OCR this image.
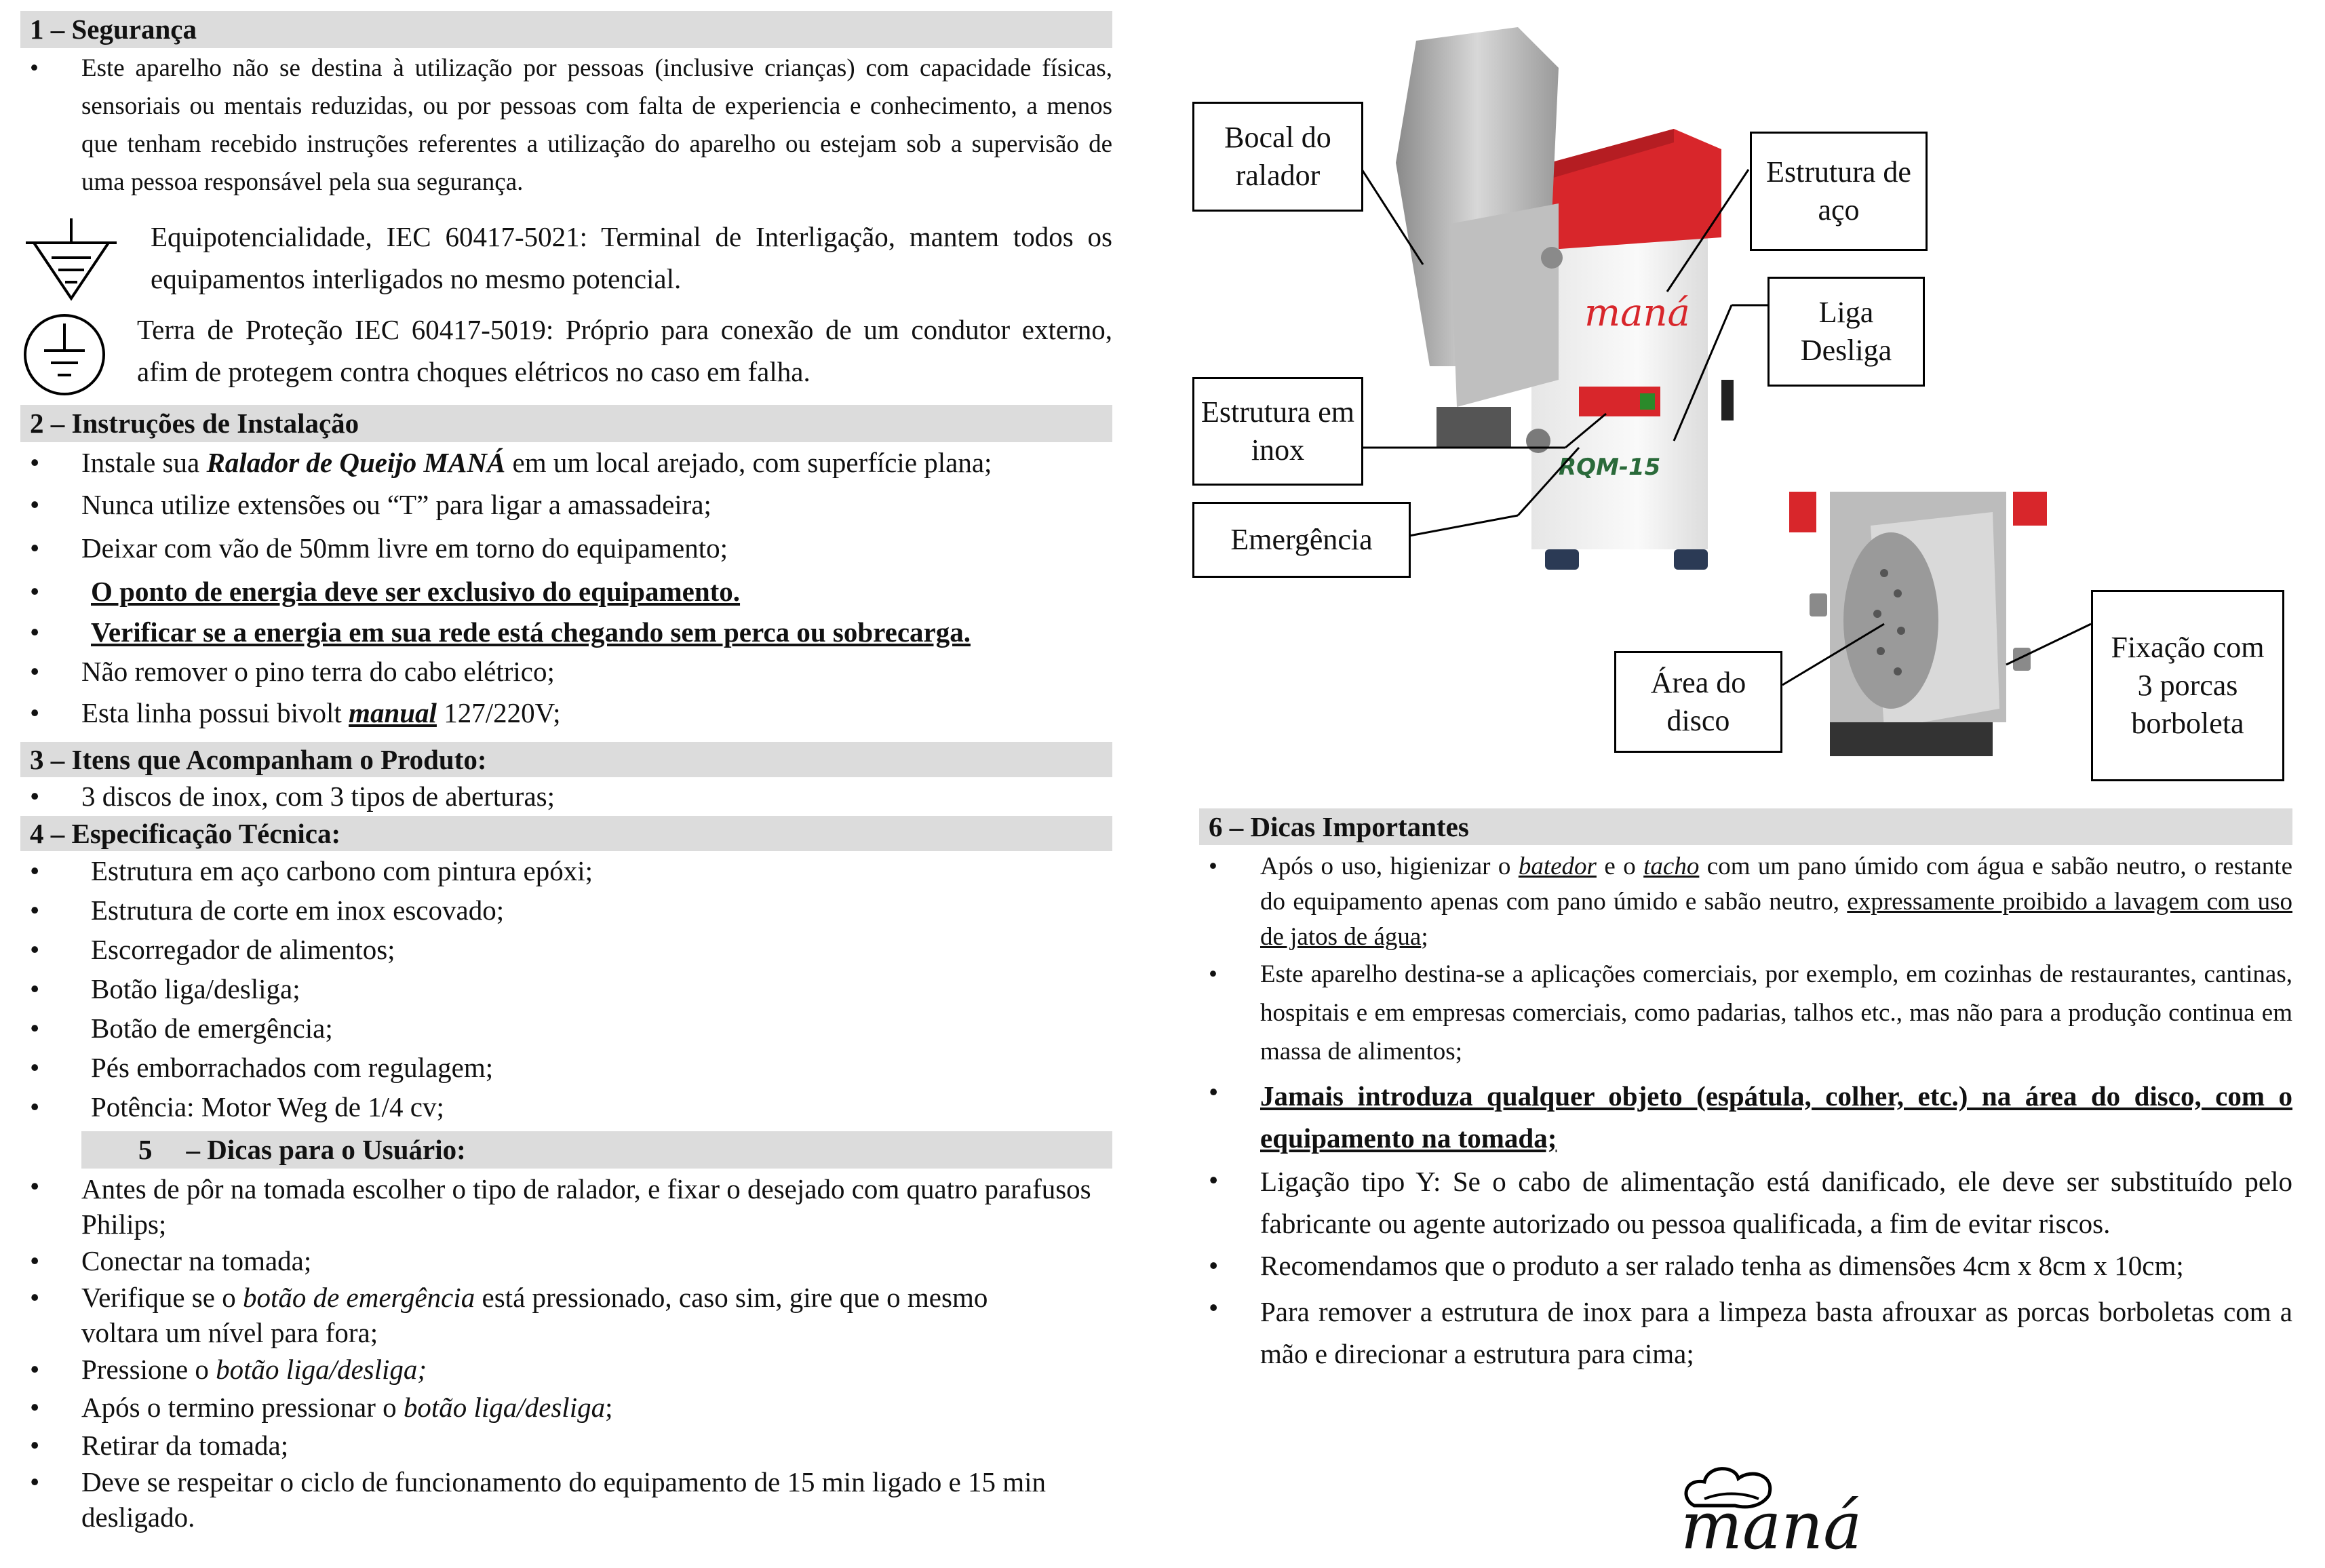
1 – Segurança
• Este aparelho não se destina à utilização por pessoas (inclusive crianças) com capacidade físicas, sensoriais ou mentais reduzidas, ou por pessoas com falta de experiencia e conhecimento, a menos que tenham recebido instruções referentes a utilização do aparelho ou estejam sob a supervisão de uma pessoa responsável pela sua segurança.
Equipotencialidade, IEC 60417-5021: Terminal de Interligação, mantem todos os equipamentos interligados no mesmo potencial.
Terra de Proteção IEC 60417-5019: Próprio para conexão de um condutor externo, afim de protegem contra choques elétricos no caso em falha.
2 – Instruções de Instalação
• Instale sua Ralador de Queijo MANÁ em um local arejado, com superfície plana;
• Nunca utilize extensões ou “T” para ligar a amassadeira;
• Deixar com vão de 50mm livre em torno do equipamento;
• O ponto de energia deve ser exclusivo do equipamento.
• Verificar se a energia em sua rede está chegando sem perca ou sobrecarga.
• Não remover o pino terra do cabo elétrico;
• Esta linha possui bivolt manual 127/220V;
3 – Itens que Acompanham o Produto:
• 3 discos de inox, com 3 tipos de aberturas;
4 – Especificação Técnica:
• Estrutura em aço carbono com pintura epóxi;
• Estrutura de corte em inox escovado;
• Escorregador de alimentos;
• Botão liga/desliga;
• Botão de emergência;
• Pés emborrachados com regulagem;
• Potência: Motor Weg de 1/4 cv;
5 – Dicas para o Usuário:
• Antes de pôr na tomada escolher o tipo de ralador, e fixar o desejado com quatro parafusos Philips;
• Conectar na tomada;
• Verifique se o botão de emergência está pressionado, caso sim, gire que o mesmo voltara um nível para fora;
• Pressione o botão liga/desliga;
• Após o termino pressionar o botão liga/desliga;
• Retirar da tomada;
• Deve se respeitar o ciclo de funcionamento do equipamento de 15 min ligado e 15 min desligado.
maná
RQM-15
Bocal do ralador	Estrutura de aço
Liga Desliga
Estrutura em inox
Emergência
Área do disco
Fixação com 3 porcas borboleta
6 – Dicas Importantes
• Após o uso, higienizar o batedor e o tacho com um pano úmido com água e sabão neutro, o restante do equipamento apenas com pano úmido e sabão neutro, expressamente proibido a lavagem com uso de jatos de água;
• Este aparelho destina-se a aplicações comerciais, por exemplo, em cozinhas de restaurantes, cantinas, hospitais e em empresas comerciais, como padarias, talhos etc., mas não para a produção continua em massa de alimentos;
• Jamais introduza qualquer objeto (espátula, colher, etc.) na área do disco, com o equipamento na tomada;
• Ligação tipo Y: Se o cabo de alimentação está danificado, ele deve ser substituído pelo fabricante ou agente autorizado ou pessoa qualificada, a fim de evitar riscos.
• Recomendamos que o produto a ser ralado tenha as dimensões 4cm x 8cm x 10cm;
• Para remover a estrutura de inox para a limpeza basta afrouxar as porcas borboletas com a mão e direcionar a estrutura para cima;
maná
